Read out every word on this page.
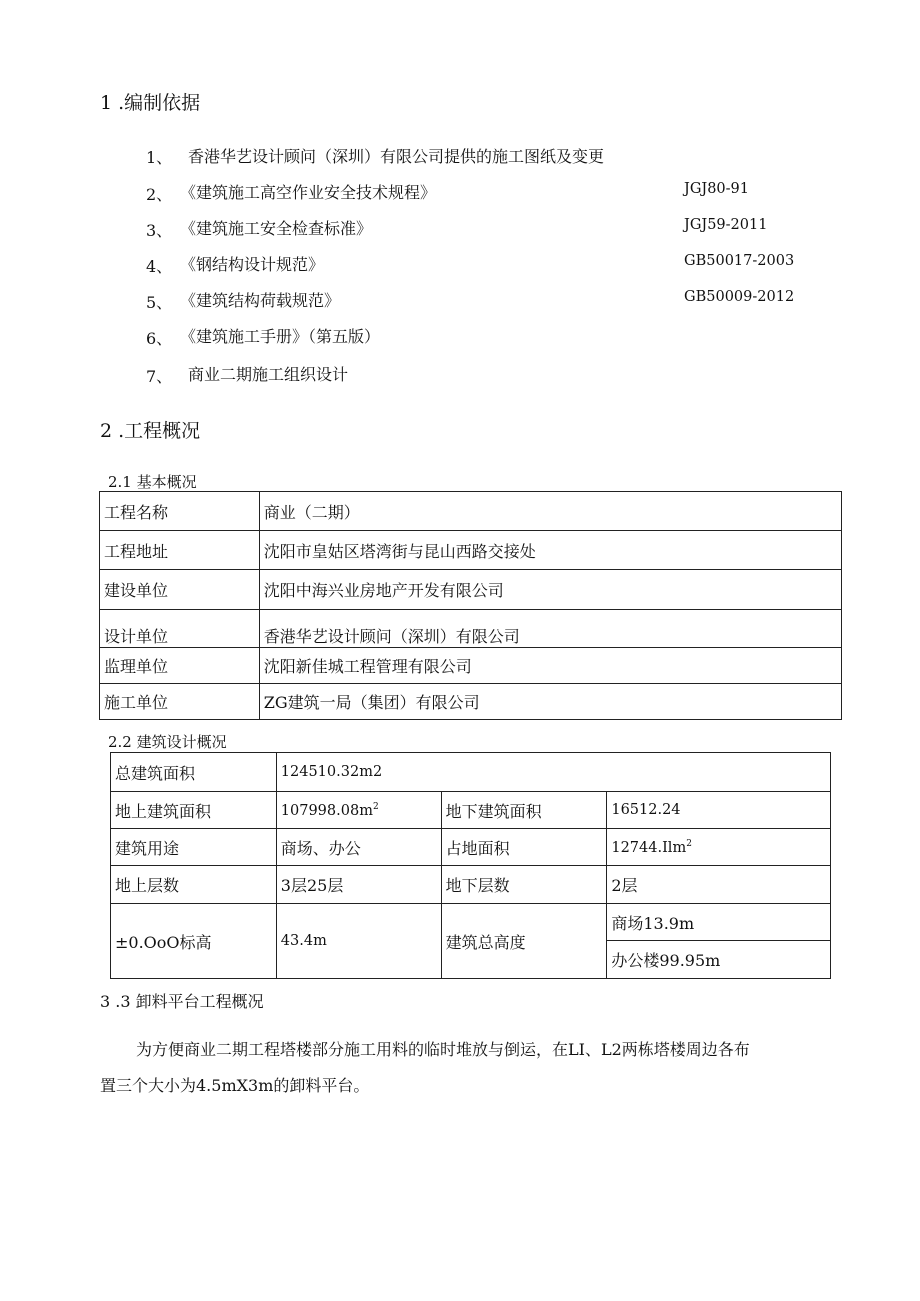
1 .编制依据
1、 香港华艺设计顾问（深圳）有限公司提供的施工图纸及变更
2、 《建筑施工高空作业安全技术规程》	JGJ80-91
3、 《建筑施工安全检查标准》	JGJ59-2011
4、 《钢结构设计规范》	GB50017-2003
5、 《建筑结构荷载规范》	GB50009-2012
6、 《建筑施工手册》（第五版）
7、 商业二期施工组织设计
2 .工程概况
2.1 基本概况
工程名称	商业（二期）
工程地址	沈阳市皇姑区塔湾街与昆山西路交接处
建设单位	沈阳中海兴业房地产开发有限公司
设计单位	香港华艺设计顾问（深圳）有限公司
监理单位	沈阳新佳城工程管理有限公司
施工单位	ZG建筑一局（集团）有限公司
2.2 建筑设计概况
总建筑面积	124510.32m2		
地上建筑面积	$107998.08m^2$	地下建筑面积	16512.24
建筑用途	商场、办公	占地面积	12744.Ilm$^2$
地上层数	3层25层	地下层数	2层
±0.OoO标高	43.4m	建筑总高度	商场13.9m
			办公楼99.95m
3 .3 卸料平台工程概况
为方便商业二期工程塔楼部分施工用料的临时堆放与倒运，在LI、L2两栋塔楼周边各布
置三个大小为4.5mX3m的卸料平台。
